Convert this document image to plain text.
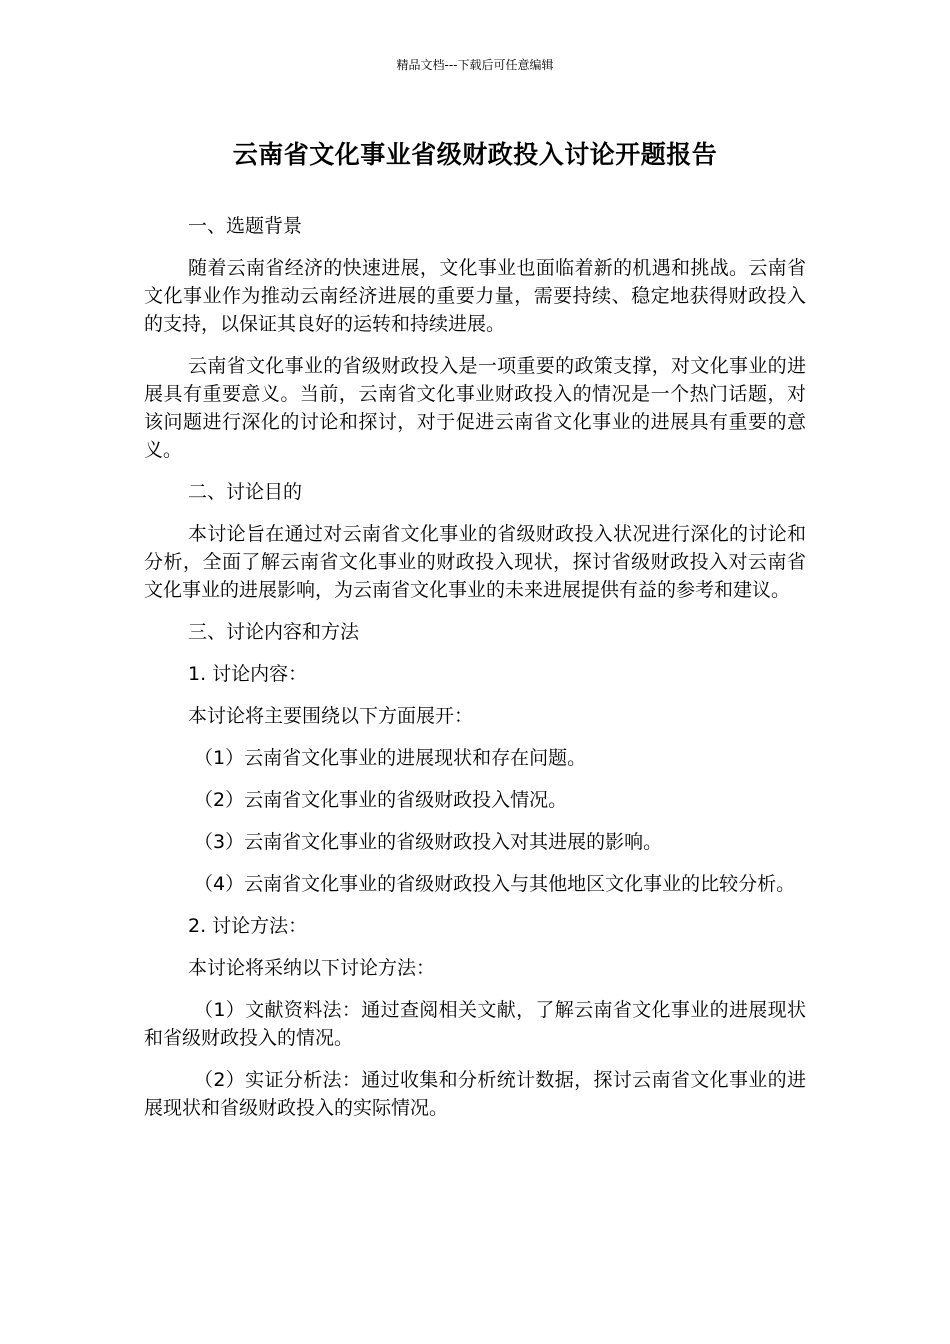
精品文档---下载后可任意编辑
云南省文化事业省级财政投入讨论开题报告

一、选题背景

随着云南省经济的快速进展，文化事业也面临着新的机遇和挑战。云南省文化事业作为推动云南经济进展的重要力量，需要持续、稳定地获得财政投入的支持，以保证其良好的运转和持续进展。

云南省文化事业的省级财政投入是一项重要的政策支撑，对文化事业的进展具有重要意义。当前，云南省文化事业财政投入的情况是一个热门话题，对该问题进行深化的讨论和探讨，对于促进云南省文化事业的进展具有重要的意义。

二、讨论目的

本讨论旨在通过对云南省文化事业的省级财政投入状况进行深化的讨论和分析，全面了解云南省文化事业的财政投入现状，探讨省级财政投入对云南省文化事业的进展影响，为云南省文化事业的未来进展提供有益的参考和建议。

三、讨论内容和方法

1. 讨论内容：

本讨论将主要围绕以下方面展开：

（1）云南省文化事业的进展现状和存在问题。

（2）云南省文化事业的省级财政投入情况。

（3）云南省文化事业的省级财政投入对其进展的影响。

（4）云南省文化事业的省级财政投入与其他地区文化事业的比较分析。

2. 讨论方法：

本讨论将采纳以下讨论方法：

（1）文献资料法：通过查阅相关文献，了解云南省文化事业的进展现状和省级财政投入的情况。

（2）实证分析法：通过收集和分析统计数据，探讨云南省文化事业的进展现状和省级财政投入的实际情况。
